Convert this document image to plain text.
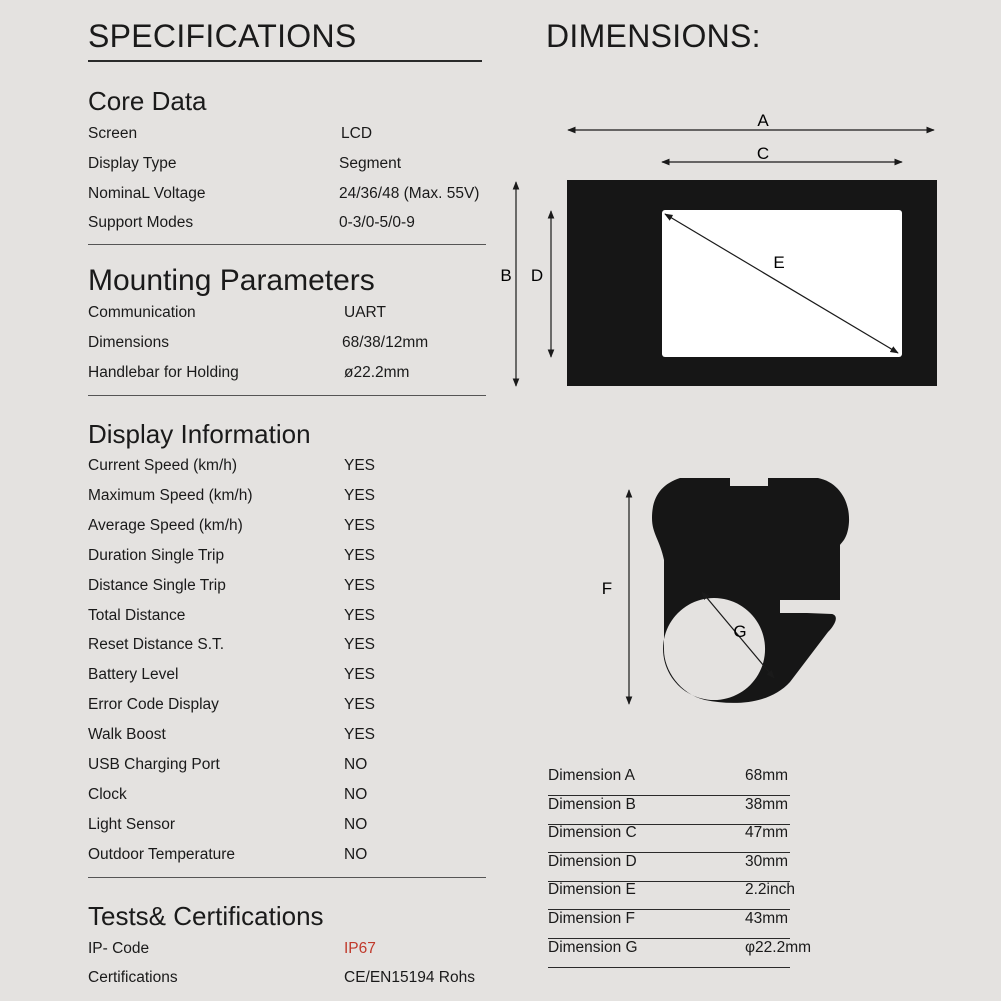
SPECIFICATIONS	DIMENSIONS:
Core Data
Screen	LCD
Display Type	Segment
NominaL Voltage	24/36/48 (Max. 55V)
Support Modes	0-3/0-5/0-9
Mounting Parameters
Communication	UART
Dimensions	68/38/12mm
Handlebar for Holding	ø22.2mm
Display Information
Current Speed (km/h)	YES
Maximum Speed (km/h)	YES
Average Speed (km/h)	YES
Duration Single Trip	YES
Distance Single Trip	YES
Total Distance	YES
Reset Distance S.T.	YES
Battery Level	YES
Error Code Display	YES
Walk Boost	YES
USB Charging Port	NO
Clock	NO
Light Sensor	NO
Outdoor Temperature	NO
Tests& Certifications
IP- Code	IP67
Certifications	CE/EN15194 Rohs
A
C
B D
E
F
G
Dimension A	68mm
Dimension B	38mm
Dimension C	47mm
Dimension D	30mm
Dimension E	2.2inch
Dimension F	43mm
Dimension G	φ22.2mm
